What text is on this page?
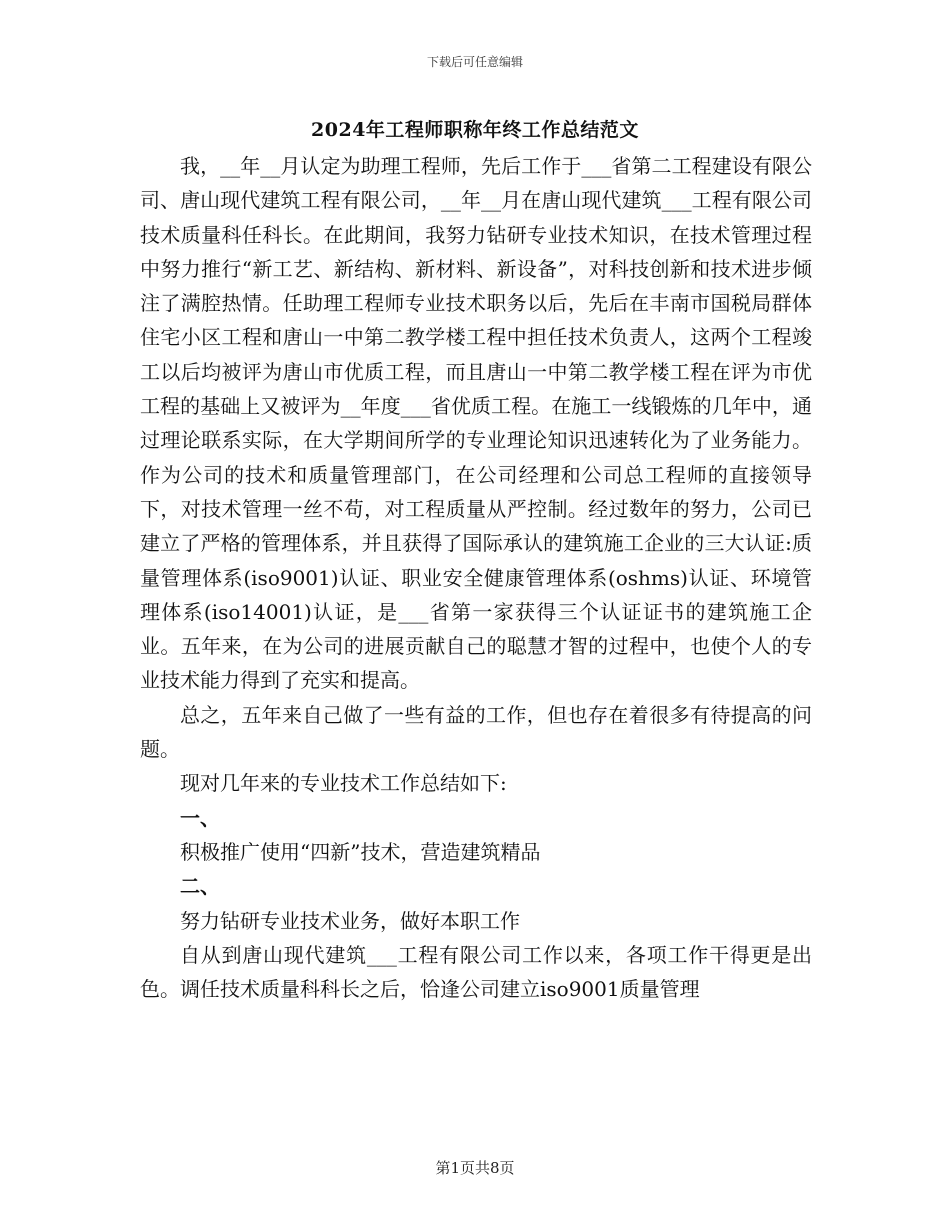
下载后可任意编辑
2024年工程师职称年终工作总结范文

我，__年__月认定为助理工程师，先后工作于___省第二工程建设有限公司、唐山现代建筑工程有限公司，__年__月在唐山现代建筑___工程有限公司技术质量科任科长。在此期间，我努力钻研专业技术知识，在技术管理过程中努力推行“新工艺、新结构、新材料、新设备”，对科技创新和技术进步倾注了满腔热情。任助理工程师专业技术职务以后，先后在丰南市国税局群体住宅小区工程和唐山一中第二教学楼工程中担任技术负责人，这两个工程竣工以后均被评为唐山市优质工程，而且唐山一中第二教学楼工程在评为市优工程的基础上又被评为__年度___省优质工程。在施工一线锻炼的几年中，通过理论联系实际，在大学期间所学的专业理论知识迅速转化为了业务能力。作为公司的技术和质量管理部门，在公司经理和公司总工程师的直接领导下，对技术管理一丝不苟，对工程质量从严控制。经过数年的努力，公司已建立了严格的管理体系，并且获得了国际承认的建筑施工企业的三大认证:质量管理体系(iso9001)认证、职业安全健康管理体系(oshms)认证、环境管理体系(iso14001)认证，是___省第一家获得三个认证证书的建筑施工企业。五年来，在为公司的进展贡献自己的聪慧才智的过程中，也使个人的专业技术能力得到了充实和提高。

总之，五年来自己做了一些有益的工作，但也存在着很多有待提高的问题。

现对几年来的专业技术工作总结如下:

一、

积极推广使用“四新”技术，营造建筑精品

二、

努力钻研专业技术业务，做好本职工作

自从到唐山现代建筑___工程有限公司工作以来，各项工作干得更是出色。调任技术质量科科长之后，恰逢公司建立iso9001质量管理

第1页共8页
